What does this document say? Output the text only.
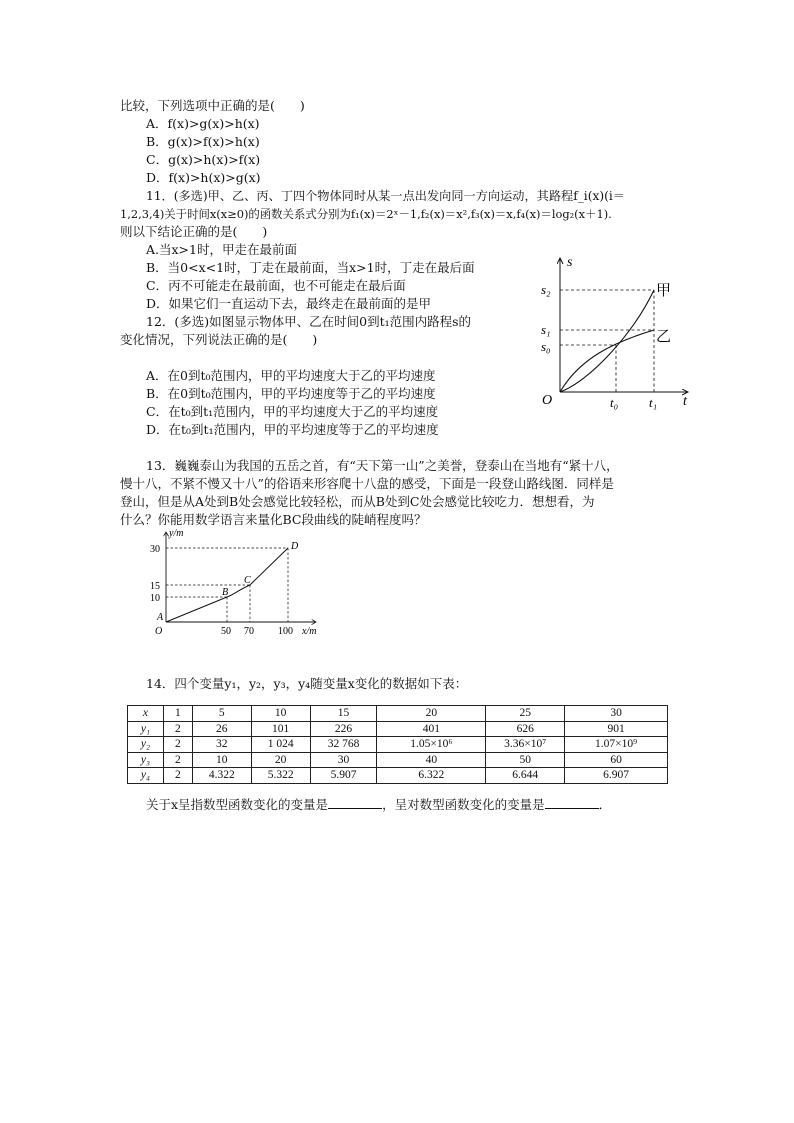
比较，下列选项中正确的是(　　)
A．f(x)>g(x)>h(x)
B．g(x)>f(x)>h(x)
C．g(x)>h(x)>f(x)
D．f(x)>h(x)>g(x)
11．(多选)甲、乙、丙、丁四个物体同时从某一点出发向同一方向运动，其路程f_i(x)(i＝
1,2,3,4)关于时间x(x≥0)的函数关系式分别为f₁(x)＝2ˣ－1,f₂(x)＝x²,f₃(x)＝x,f₄(x)＝log₂(x＋1).
则以下结论正确的是(　　)
A.当x>1时，甲走在最前面
B．当0<x<1时，丁走在最前面，当x>1时，丁走在最后面
C．丙不可能走在最前面，也不可能走在最后面
D．如果它们一直运动下去，最终走在最前面的是甲
12．(多选)如图显示物体甲、乙在时间0到t₁范围内路程s的
变化情况，下列说法正确的是(　　)
A．在0到t₀范围内，甲的平均速度大于乙的平均速度
B．在0到t₀范围内，甲的平均速度等于乙的平均速度
C．在t₀到t₁范围内，甲的平均速度大于乙的平均速度
D．在t₀到t₁范围内，甲的平均速度等于乙的平均速度
s
t
O
s₂
s₁
s₀
t₀ t₁
甲
乙
13．巍巍泰山为我国的五岳之首，有“天下第一山”之美誉，登泰山在当地有“紧十八，
慢十八，不紧不慢又十八”的俗语来形容爬十八盘的感受，下面是一段登山路线图．同样是
登山，但是从A处到B处会感觉比较轻松，而从B处到C处会感觉比较吃力．想想看，为
什么？你能用数学语言来量化BC段曲线的陡峭程度吗？
y/m
x/m
O
30
15
10
50 70 100
A
B
C
D
14．四个变量y₁，y₂，y₃，y₄随变量x变化的数据如下表：
x	1	5	10	15	20	25	30
y₁	2	26	101	226	401	626	901
y₂	2	32	1 024	32 768	1.05×10⁶	3.36×10⁷	1.07×10⁹
y₃	2	10	20	30	40	50	60
y₄	2	4.322	5.322	5.907	6.322	6.644	6.907
关于x呈指数型函数变化的变量是	，呈对数型函数变化的变量是	．
